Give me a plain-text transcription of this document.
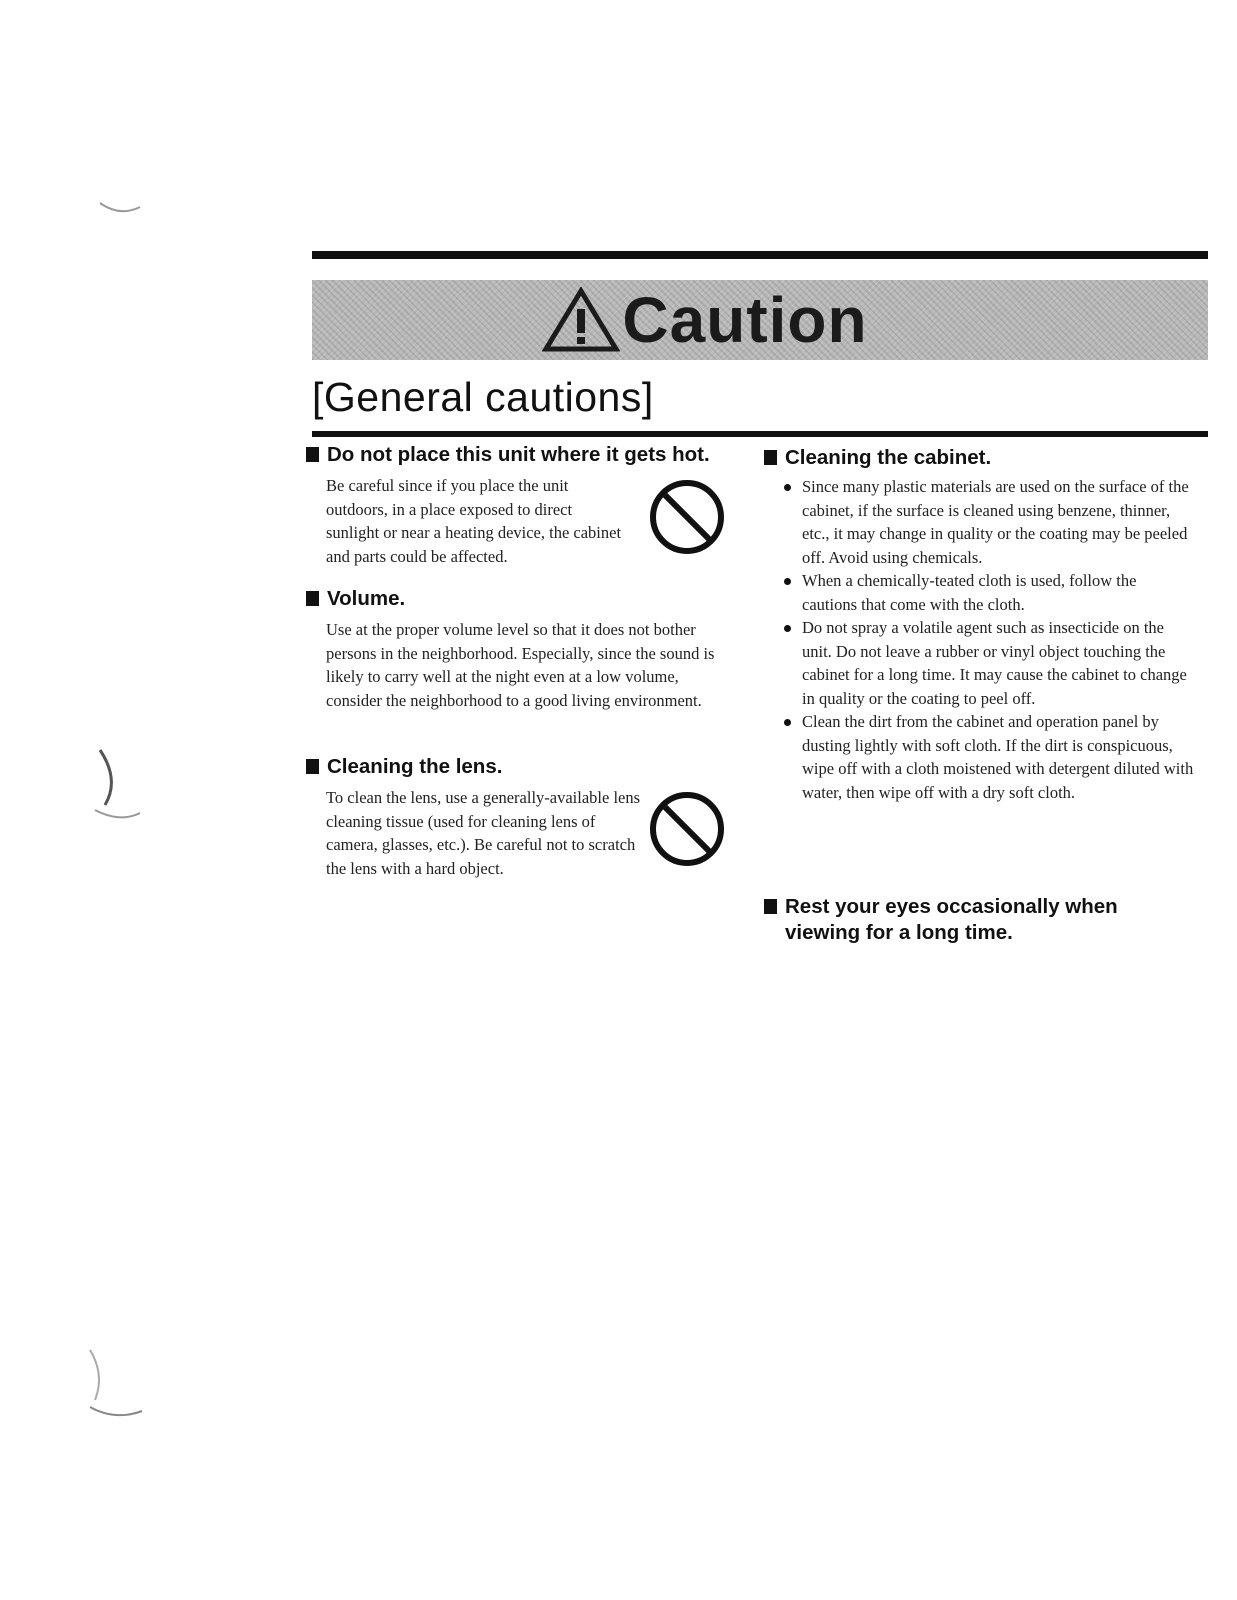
Caution
[General cautions]

Do not place this unit where it gets hot.

Be careful since if you place the unit outdoors, in a place exposed to direct sunlight or near a heating device, the cabinet and parts could be affected.

Volume.

Use at the proper volume level so that it does not bother persons in the neighborhood. Especially, since the sound is likely to carry well at the night even at a low volume, consider the neighborhood to a good living environment.

Cleaning the lens.

To clean the lens, use a generally-available lens cleaning tissue (used for cleaning lens of camera, glasses, etc.). Be careful not to scratch the lens with a hard object.

Cleaning the cabinet.

Since many plastic materials are used on the surface of the cabinet, if the surface is cleaned using benzene, thinner, etc., it may change in quality or the coating may be peeled off. Avoid using chemicals.
When a chemically-teated cloth is used, follow the cautions that come with the cloth.
Do not spray a volatile agent such as insecticide on the unit. Do not leave a rubber or vinyl object touching the cabinet for a long time. It may cause the cabinet to change in quality or the coating to peel off.
Clean the dirt from the cabinet and operation panel by dusting lightly with soft cloth. If the dirt is conspicuous, wipe off with a cloth moistened with detergent diluted with water, then wipe off with a dry soft cloth.

Rest your eyes occasionally when viewing for a long time.
